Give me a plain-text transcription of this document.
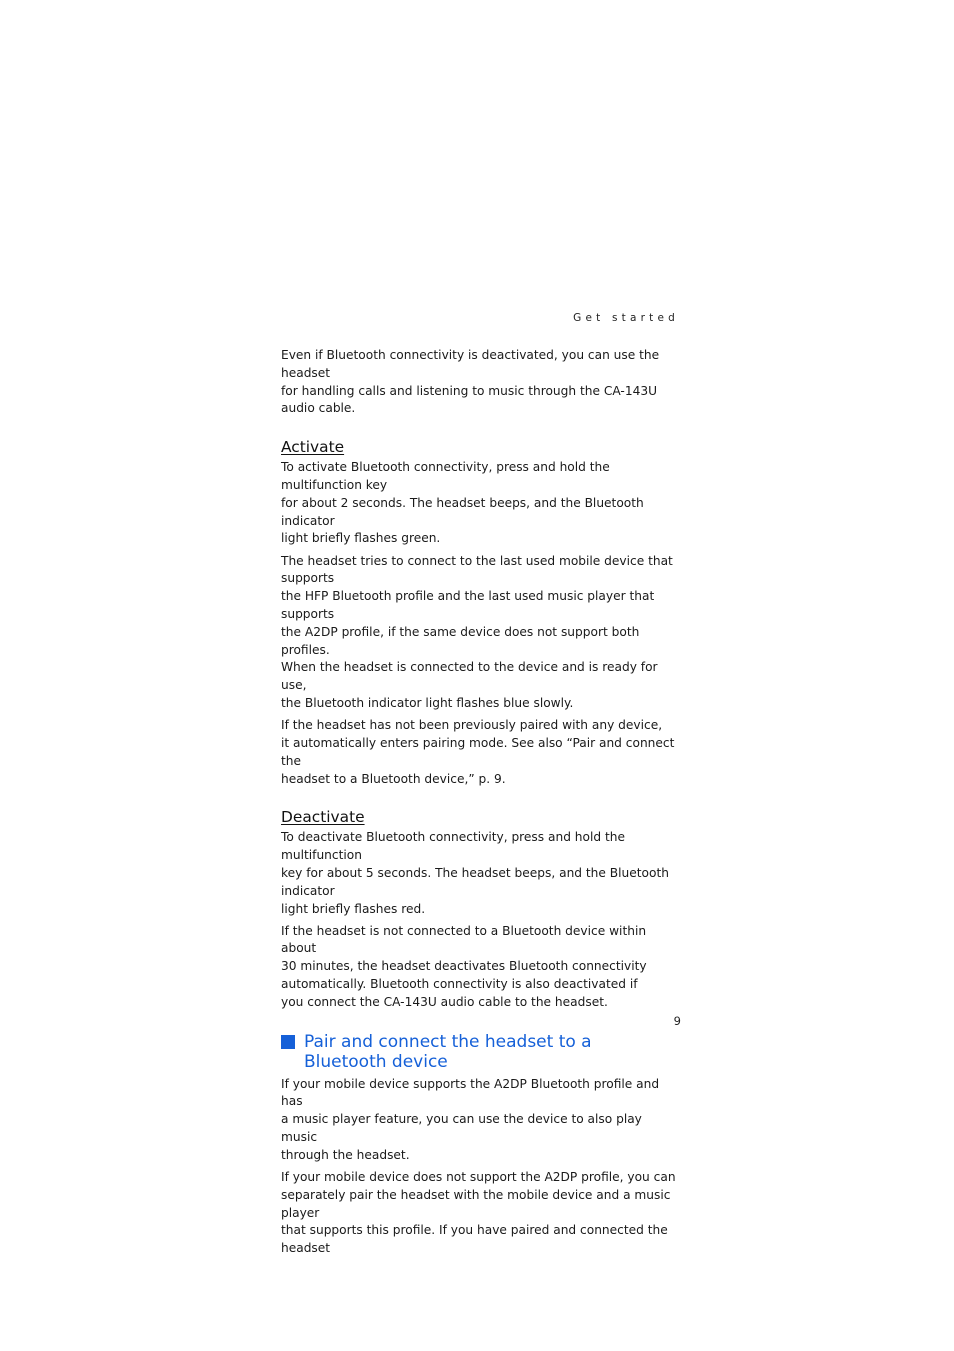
Get started

Even if Bluetooth connectivity is deactivated, you can use the headset
for handling calls and listening to music through the CA-143U
audio cable.

Activate

To activate Bluetooth connectivity, press and hold the multifunction key
for about 2 seconds. The headset beeps, and the Bluetooth indicator
light briefly flashes green.

The headset tries to connect to the last used mobile device that supports
the HFP Bluetooth profile and the last used music player that supports
the A2DP profile, if the same device does not support both profiles.
When the headset is connected to the device and is ready for use,
the Bluetooth indicator light flashes blue slowly.

If the headset has not been previously paired with any device,
it automatically enters pairing mode. See also “Pair and connect the
headset to a Bluetooth device,” p. 9.

Deactivate

To deactivate Bluetooth connectivity, press and hold the multifunction
key for about 5 seconds. The headset beeps, and the Bluetooth indicator
light briefly flashes red.

If the headset is not connected to a Bluetooth device within about
30 minutes, the headset deactivates Bluetooth connectivity
automatically. Bluetooth connectivity is also deactivated if
you connect the CA-143U audio cable to the headset.

Pair and connect the headset to a Bluetooth device

If your mobile device supports the A2DP Bluetooth profile and has
a music player feature, you can use the device to also play music
through the headset.

If your mobile device does not support the A2DP profile, you can
separately pair the headset with the mobile device and a music player
that supports this profile. If you have paired and connected the headset

9
